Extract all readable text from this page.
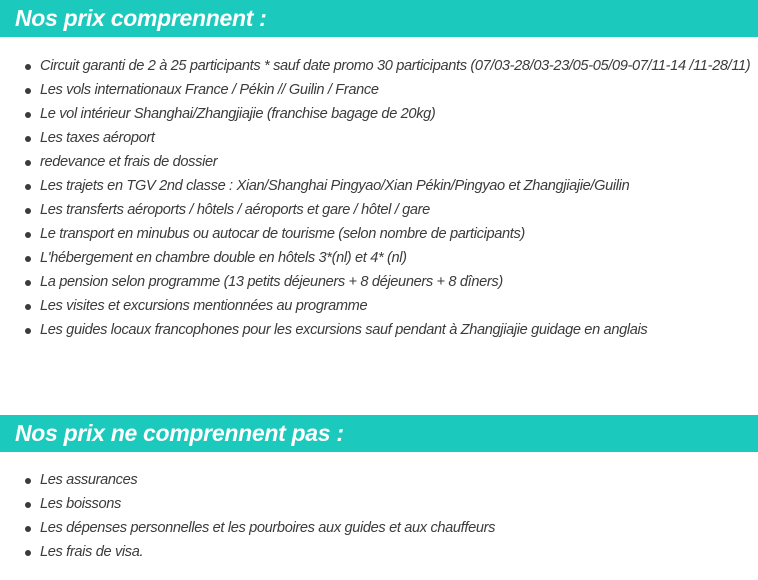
Nos prix comprennent :
Circuit garanti de 2 à 25 participants * sauf date promo 30 participants (07/03-28/03-23/05-05/09-07/11-14 /11-28/11)
Les vols internationaux France / Pékin // Guilin / France
Le vol intérieur Shanghai/Zhangjiajie (franchise bagage de 20kg)
Les taxes aéroport
redevance et frais de dossier
Les trajets en TGV 2nd classe : Xian/Shanghai Pingyao/Xian Pékin/Pingyao et Zhangjiajie/Guilin
Les transferts aéroports / hôtels / aéroports et gare / hôtel / gare
Le transport en minubus ou autocar de tourisme (selon nombre de participants)
L'hébergement en chambre double en hôtels 3*(nl) et 4* (nl)
La pension selon programme (13 petits déjeuners + 8 déjeuners + 8 dîners)
Les visites et excursions mentionnées au programme
Les guides locaux francophones pour les excursions sauf pendant à Zhangjiajie guidage en anglais
Nos prix ne comprennent pas :
Les assurances
Les boissons
Les dépenses personnelles et les pourboires aux guides et aux chauffeurs
Les frais de visa.
